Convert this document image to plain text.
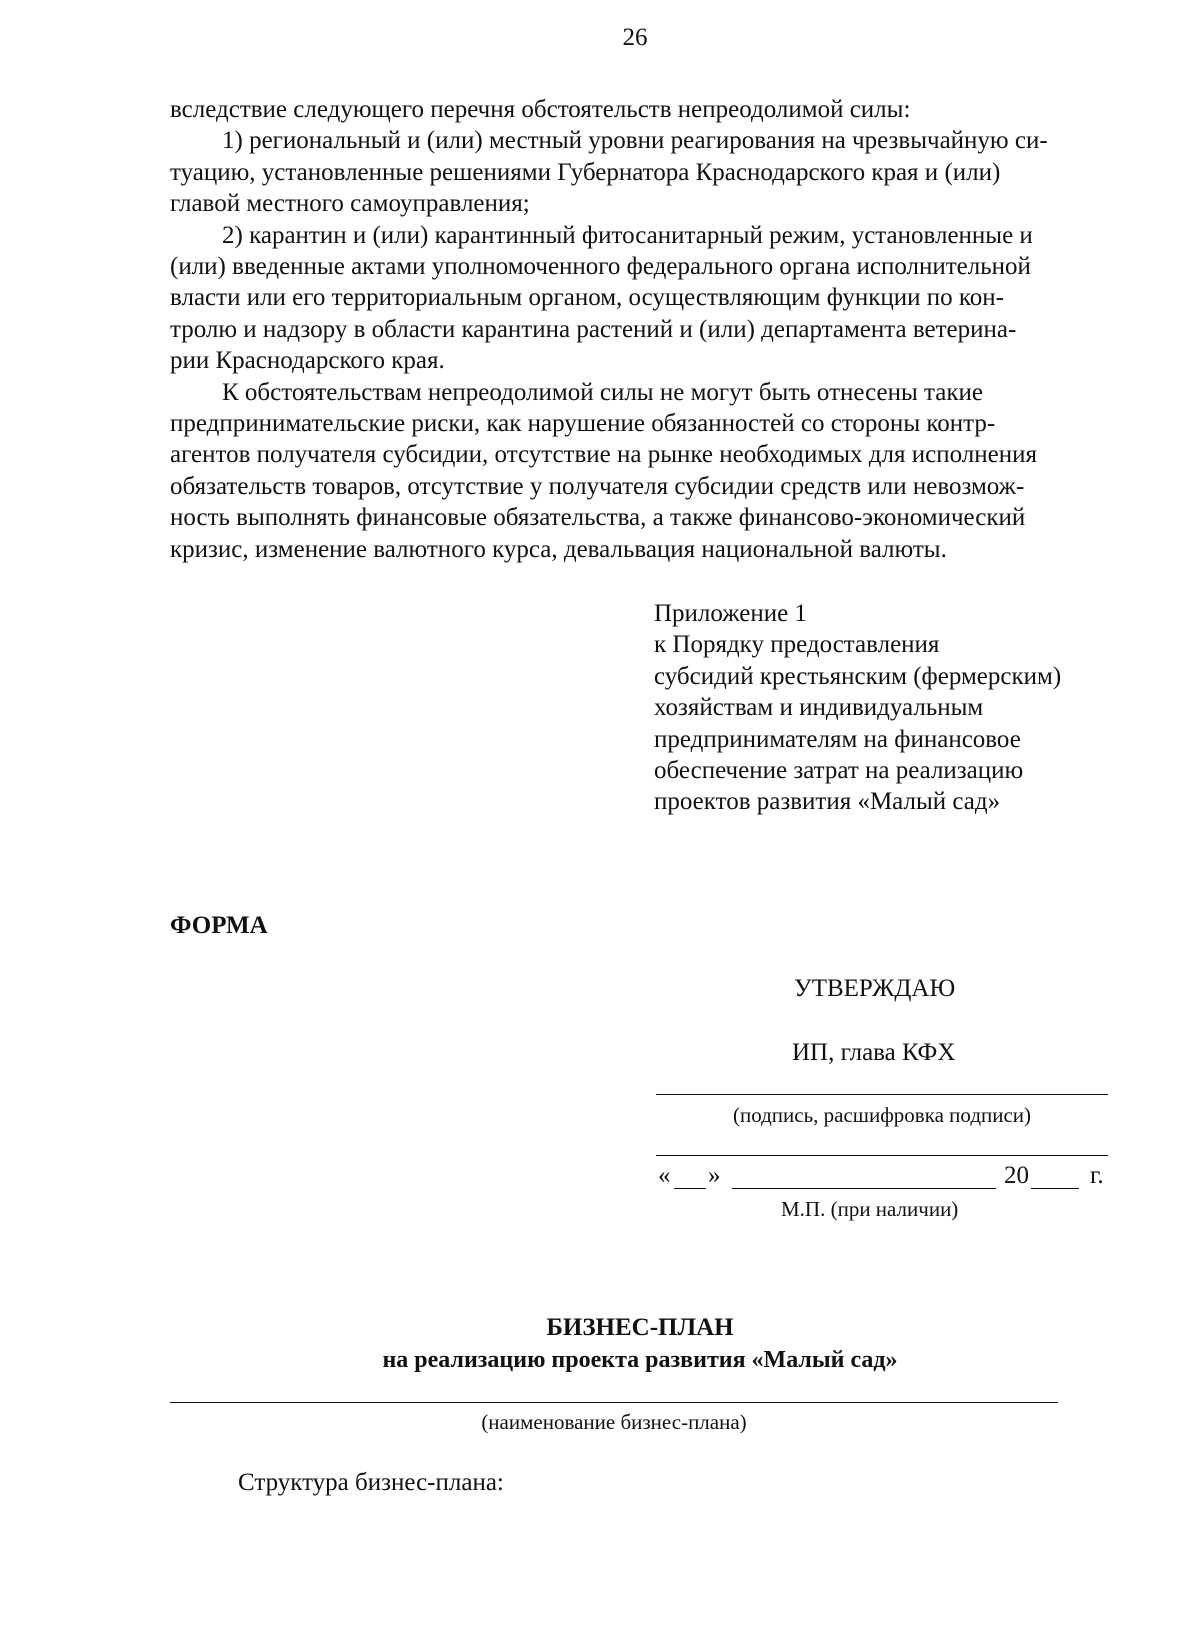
26

вследствие следующего перечня обстоятельств непреодолимой силы:

1) региональный и (или) местный уровни реагирования на чрезвычайную си-
туацию, установленные решениями Губернатора Краснодарского края и (или)
главой местного самоуправления;

2) карантин и (или) карантинный фитосанитарный режим, установленные и
(или) введенные актами уполномоченного федерального органа исполнительной
власти или его территориальным органом, осуществляющим функции по кон-
тролю и надзору в области карантина растений и (или) департамента ветерина-
рии Краснодарского края.

К обстоятельствам непреодолимой силы не могут быть отнесены такие
предпринимательские риски, как нарушение обязанностей со стороны контр-
агентов получателя субсидии, отсутствие на рынке необходимых для исполнения
обязательств товаров, отсутствие у получателя субсидии средств или невозмож-
ность выполнять финансовые обязательства, а также финансово-экономический
кризис, изменение валютного курса, девальвация национальной валюты.

Приложение 1
к Порядку предоставления
субсидий крестьянским (фермерским)
хозяйствам и индивидуальным
предпринимателям на финансовое
обеспечение затрат на реализацию
проектов развития «Малый сад»
ФОРМА
УТВЕРЖДАЮ
ИП, глава КФХ
(подпись, расшифровка подписи)
« »	20 г.
М.П. (при наличии)
БИЗНЕС-ПЛАН
на реализацию проекта развития «Малый сад»
(наименование бизнес-плана)
Структура бизнес-плана:
